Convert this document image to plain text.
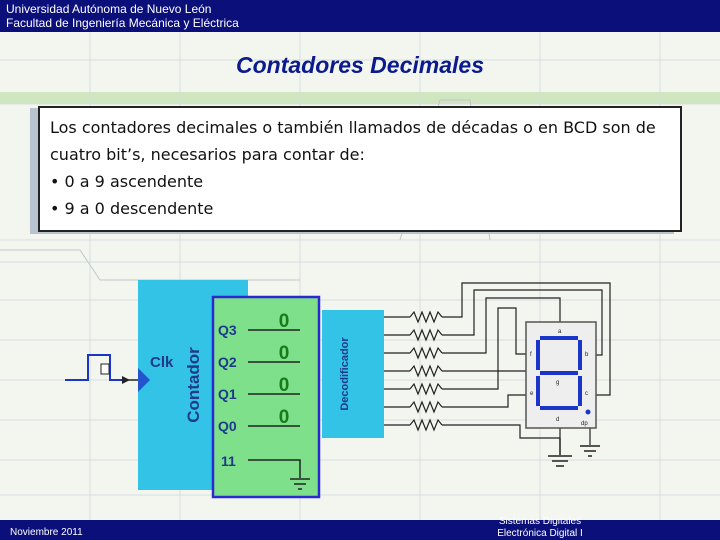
Universidad Autónoma de Nuevo León
Facultad de Ingeniería Mecánica y Eléctrica
Contadores Decimales

Los contadores decimales o también llamados de décadas o en BCD son de cuatro bit’s, necesarios para contar de:

• 0 a 9 ascendente

• 9 a 0 descendente

Clk Contador
Q3
Q2
Q1
Q0
11
0
0
0
0
Decodificador
a
b
c
d
e
f
g
dp
Noviembre 2011
Sistemas Digitales
Electrónica Digital I
